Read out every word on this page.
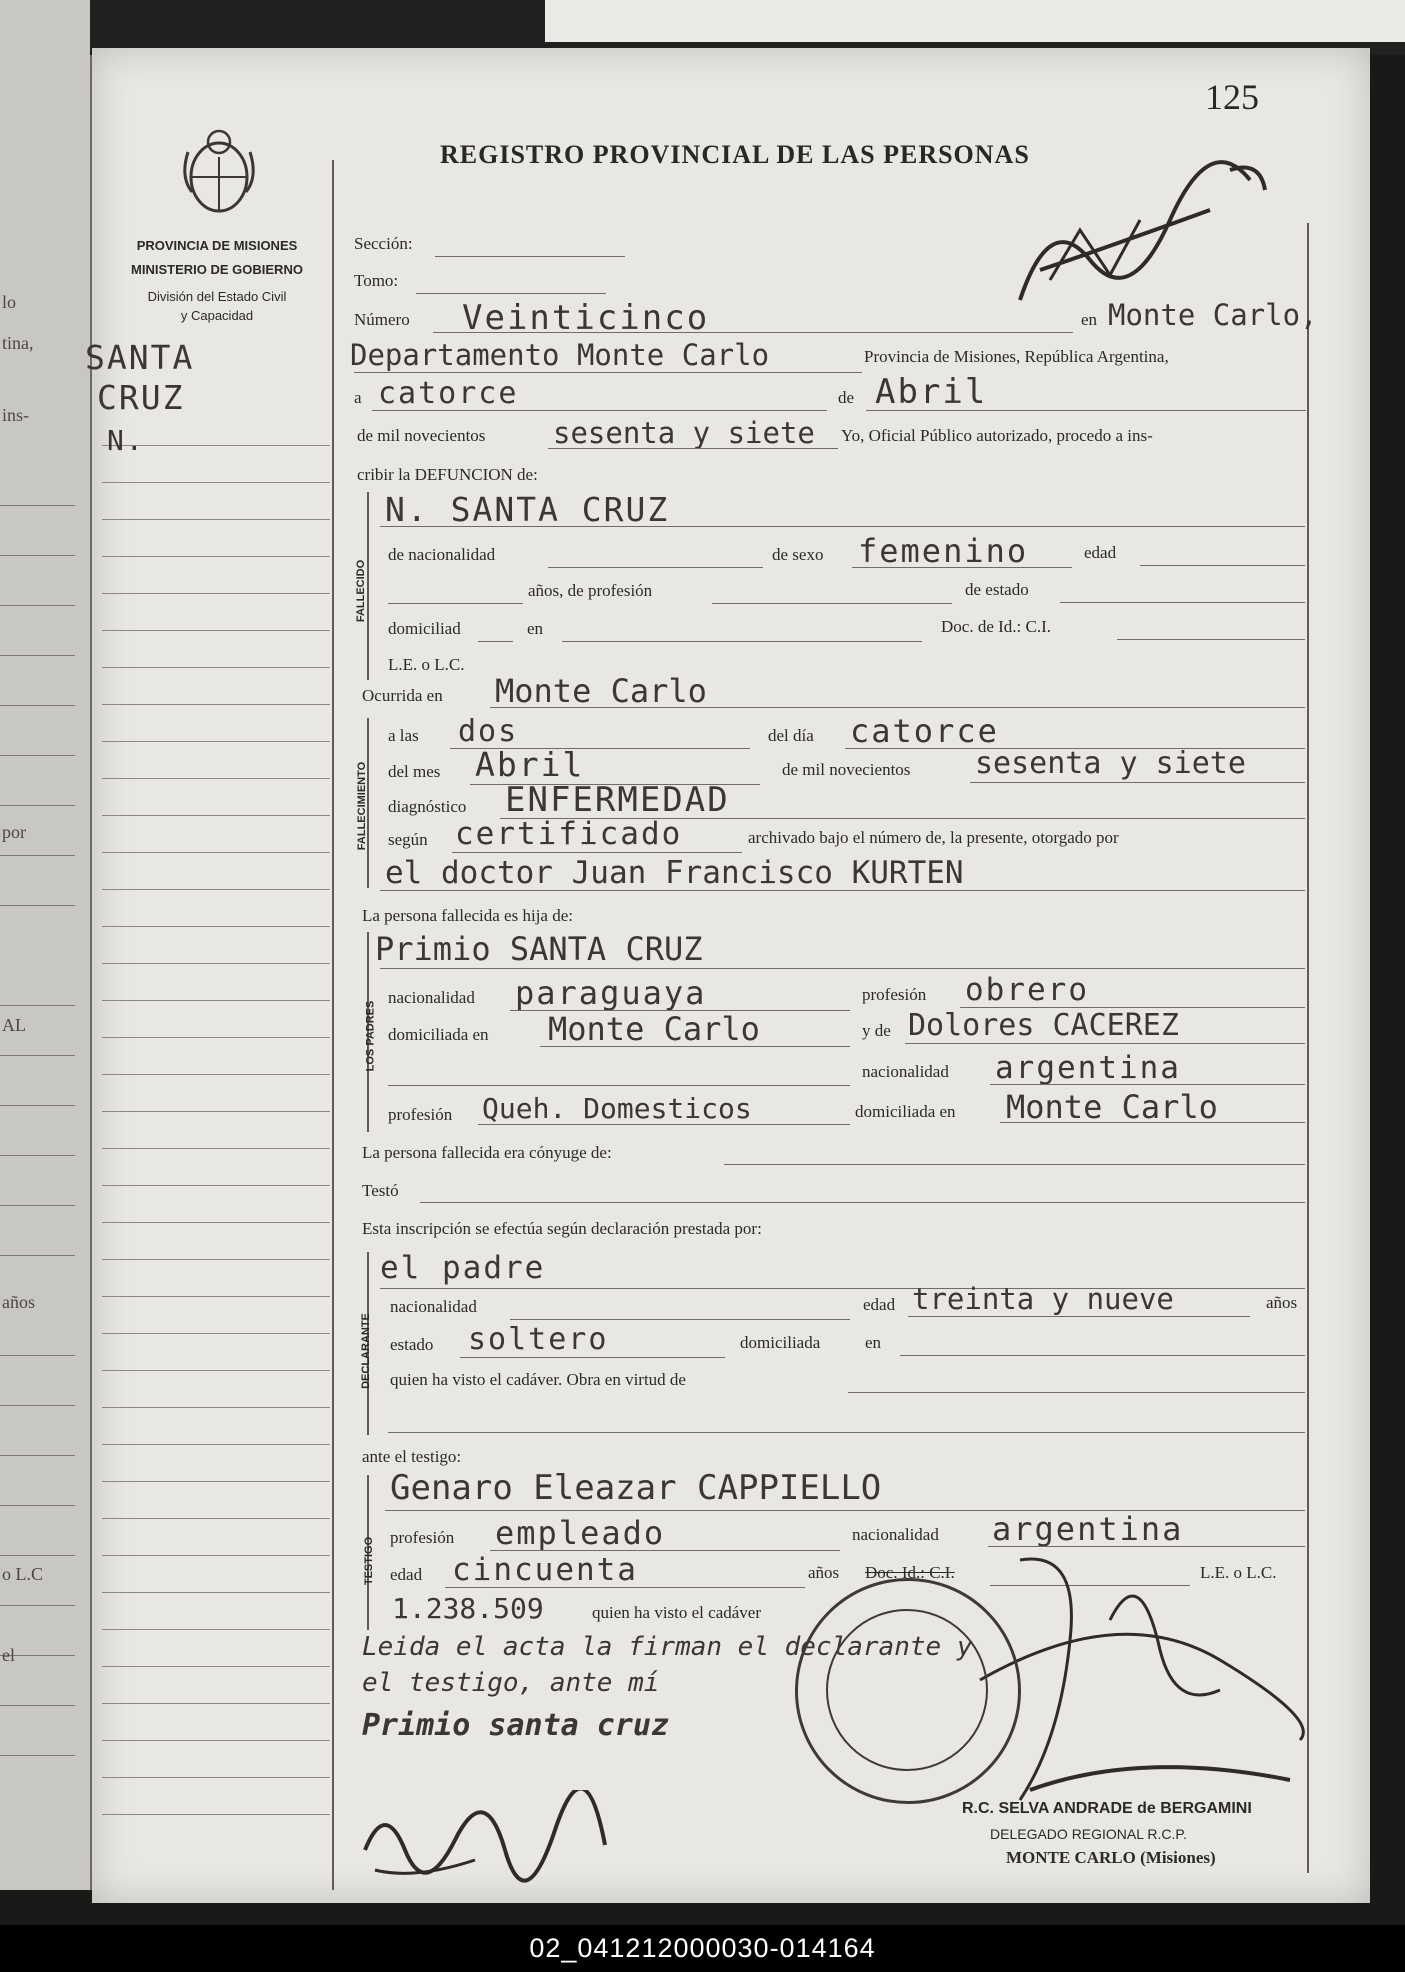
lo
tina,
ins-
por
AL
años
o L.C
el
125
REGISTRO PROVINCIAL DE LAS PERSONAS
PROVINCIA DE MISIONES
MINISTERIO DE GOBIERNO
División del Estado Civil
y Capacidad
SANTA
CRUZ
N.
Sección:
Tomo:
Número Veinticinco	en Monte Carlo,
Departamento Monte Carlo	Provincia de Misiones, República Argentina,
a catorce	de Abril
de mil novecientos sesenta y siete Yo, Oficial Público autorizado, procedo a ins-
cribir la DEFUNCION de:
FALLECIDO
N. SANTA CRUZ
de nacionalidad	de sexo femenino	edad
años, de profesión	de estado
domiciliad	en	Doc. de Id.: C.I.
L.E. o L.C.
Ocurrida en Monte Carlo
FALLECIMIENTO
a las dos	del día catorce
del mes Abril	de mil novecientos sesenta y siete
diagnóstico ENFERMEDAD
según certificado	archivado bajo el número de, la presente, otorgado por
el doctor Juan Francisco KURTEN
La persona fallecida es hija de:
LOS PADRES
Primio SANTA CRUZ
nacionalidad paraguaya	profesión obrero
domiciliada en Monte Carlo	y de Dolores CACEREZ
nacionalidad argentina
profesión Queh. Domesticos	domiciliada en Monte Carlo
La persona fallecida era cónyuge de:
Testó
Esta inscripción se efectúa según declaración prestada por:
DECLARANTE
el padre
nacionalidad	edad treinta y nueve	años
estado soltero	domiciliada	en
quien ha visto el cadáver. Obra en virtud de
ante el testigo:
TESTIGO
Genaro Eleazar CAPPIELLO
profesión empleado	nacionalidad argentina
edad cincuenta	años Doc. Id.: C.I.	L.E. o L.C.
1.238.509	quien ha visto el cadáver
Leida el acta la firman el declarante y
el testigo, ante mí
Primio santa cruz
R.C. SELVA ANDRADE de BERGAMINI
DELEGADO REGIONAL R.C.P.
MONTE CARLO (Misiones)
02_041212000030-014164
